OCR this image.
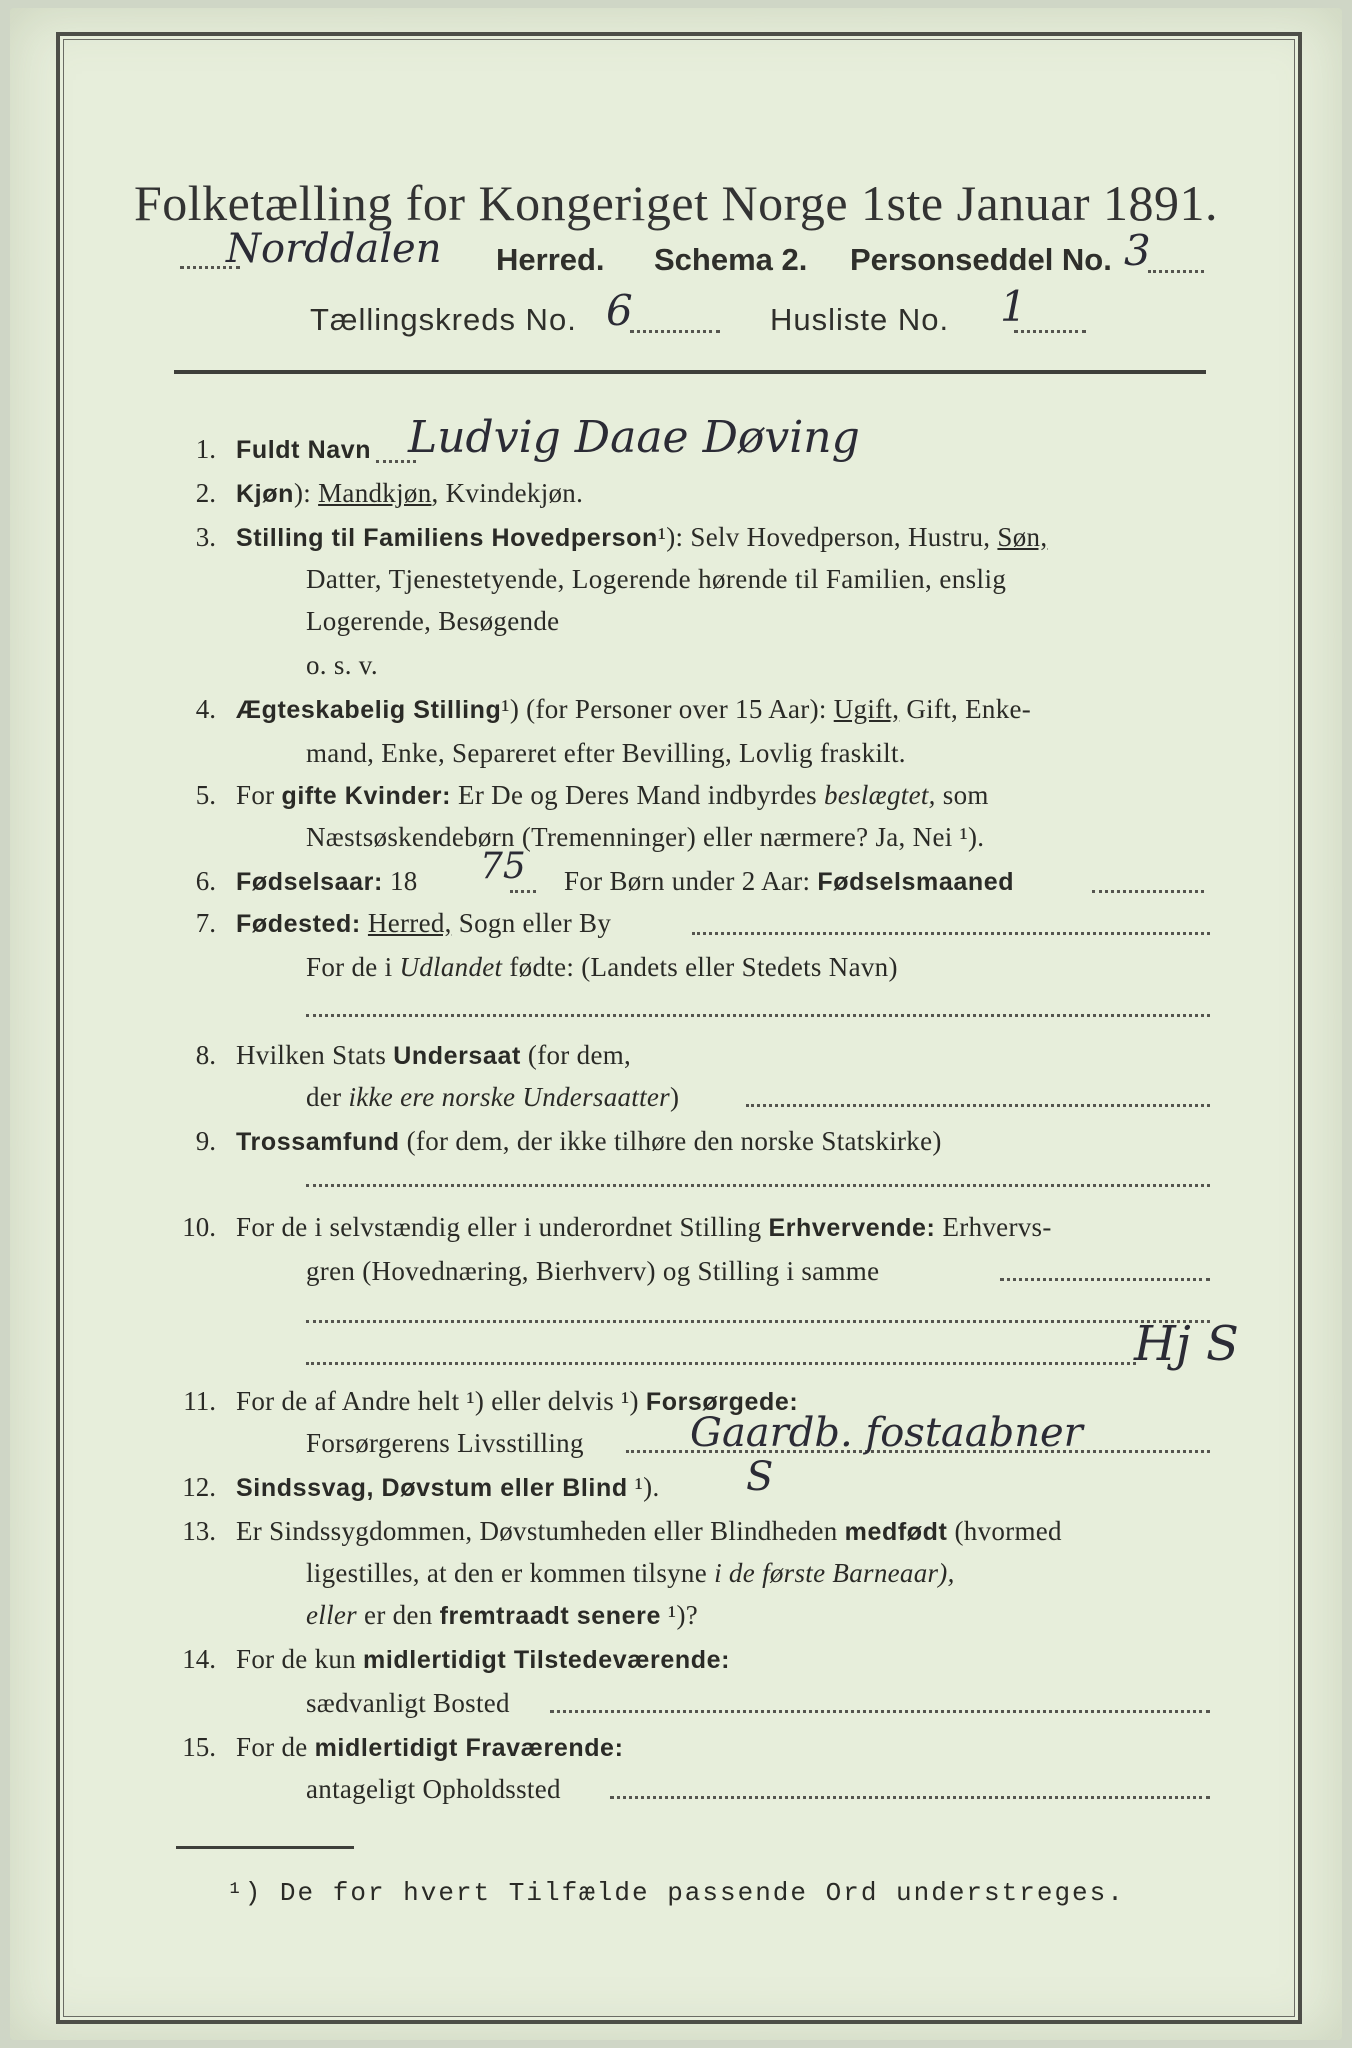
Folketælling for Kongeriget Norge 1ste Januar 1891.
Norddalen Herred. Schema 2. Personseddel No. 3
Tællingskreds No. 6	Husliste No. 1
1. Fuldt Navn Ludvig Daae Døving
2. Kjøn): Mandkjøn, Kvindekjøn.
3. Stilling til Familiens Hovedperson¹): Selv Hovedperson, Hustru, Søn,
Datter, Tjenestetyende, Logerende hørende til Familien, enslig
Logerende, Besøgende
o. s. v.
4. Ægteskabelig Stilling¹) (for Personer over 15 Aar): Ugift, Gift, Enke-
mand, Enke, Separeret efter Bevilling, Lovlig fraskilt.
5. For gifte Kvinder: Er De og Deres Mand indbyrdes beslægtet, som
Næstsøskendebørn (Tremenninger) eller nærmere? Ja, Nei ¹).
6. Fødselsaar: 18 75 For Børn under 2 Aar: Fødselsmaaned
7. Fødested: Herred, Sogn eller By
For de i Udlandet fødte: (Landets eller Stedets Navn)
8. Hvilken Stats Undersaat (for dem,
der ikke ere norske Undersaatter)
9. Trossamfund (for dem, der ikke tilhøre den norske Statskirke)
10. For de i selvstændig eller i underordnet Stilling Erhvervende: Erhvervs-
gren (Hovednæring, Bierhverv) og Stilling i samme
Hj S
11. For de af Andre helt ¹) eller delvis ¹) Forsørgede:
Forsørgerens Livsstilling	Gaardb. fostaabner
12. Sindssvag, Døvstum eller Blind ¹). S
13. Er Sindssygdommen, Døvstumheden eller Blindheden medfødt (hvormed
ligestilles, at den er kommen tilsyne i de første Barneaar),
eller er den fremtraadt senere ¹)?
14. For de kun midlertidigt Tilstedeværende:
sædvanligt Bosted
15. For de midlertidigt Fraværende:
antageligt Opholdssted
¹) De for hvert Tilfælde passende Ord understreges.
